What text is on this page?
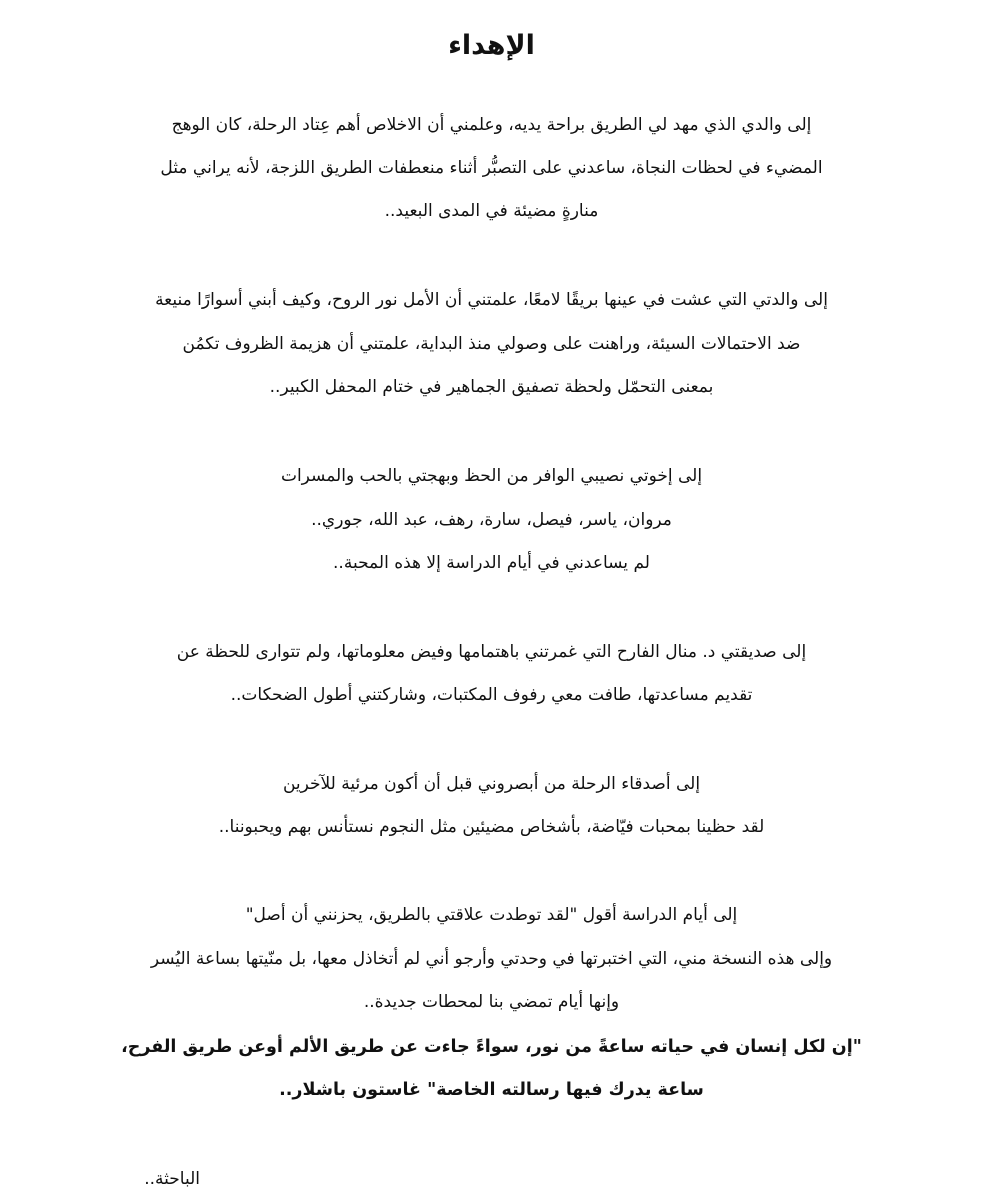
الإهداء
إلى والدي الذي مهد لي الطريق براحة يديه، وعلمني أن الاخلاص أهم عِتاد الرحلة، كان الوهج
المضيء في لحظات النجاة، ساعدني على التصبُّر أثناء منعطفات الطريق اللزجة، لأنه يراني مثل
منارةٍ مضيئة في المدى البعيد..
إلى والدتي التي عشت في عينها بريقًا لامعًا، علمتني أن الأمل نور الروح، وكيف أبني أسوارًا منيعة
ضد الاحتمالات السيئة، وراهنت على وصولي منذ البداية، علمتني أن هزيمة الظروف تكمُن
بمعنى التحمّل ولحظة تصفيق الجماهير في ختام المحفل الكبير..
إلى إخوتي نصيبي الوافر من الحظ وبهجتي بالحب والمسرات
مروان، ياسر، فيصل، سارة، رهف، عبد الله، جوري..
لم يساعدني في أيام الدراسة إلا هذه المحبة..
إلى صديقتي د. منال الفارح التي غمرتني باهتمامها وفيض معلوماتها، ولم تتوارى للحظة عن
تقديم مساعدتها، طافت معي رفوف المكتبات، وشاركتني أطول الضحكات..
إلى أصدقاء الرحلة من أبصروني قبل أن أكون مرئية للآخرين
لقد حظينا بمحبات فيّاضة، بأشخاص مضيئين مثل النجوم نستأنس بهم ويحبوننا..
إلى أيام الدراسة أقول "لقد توطدت علاقتي بالطريق، يحزنني أن أصل"
وإلى هذه النسخة مني، التي اختبرتها في وحدتي وأرجو أني لم أتخاذل معها، بل منّيتها بساعة اليُسر
وإنها أيام تمضي بنا لمحطات جديدة..
"إن لكل إنسان في حياته ساعةً من نور، سواءً جاءت عن طريق الألم أوعن طريق الفرح،
ساعة يدرك فيها رسالته الخاصة" غاستون باشلار..
الباحثة..
